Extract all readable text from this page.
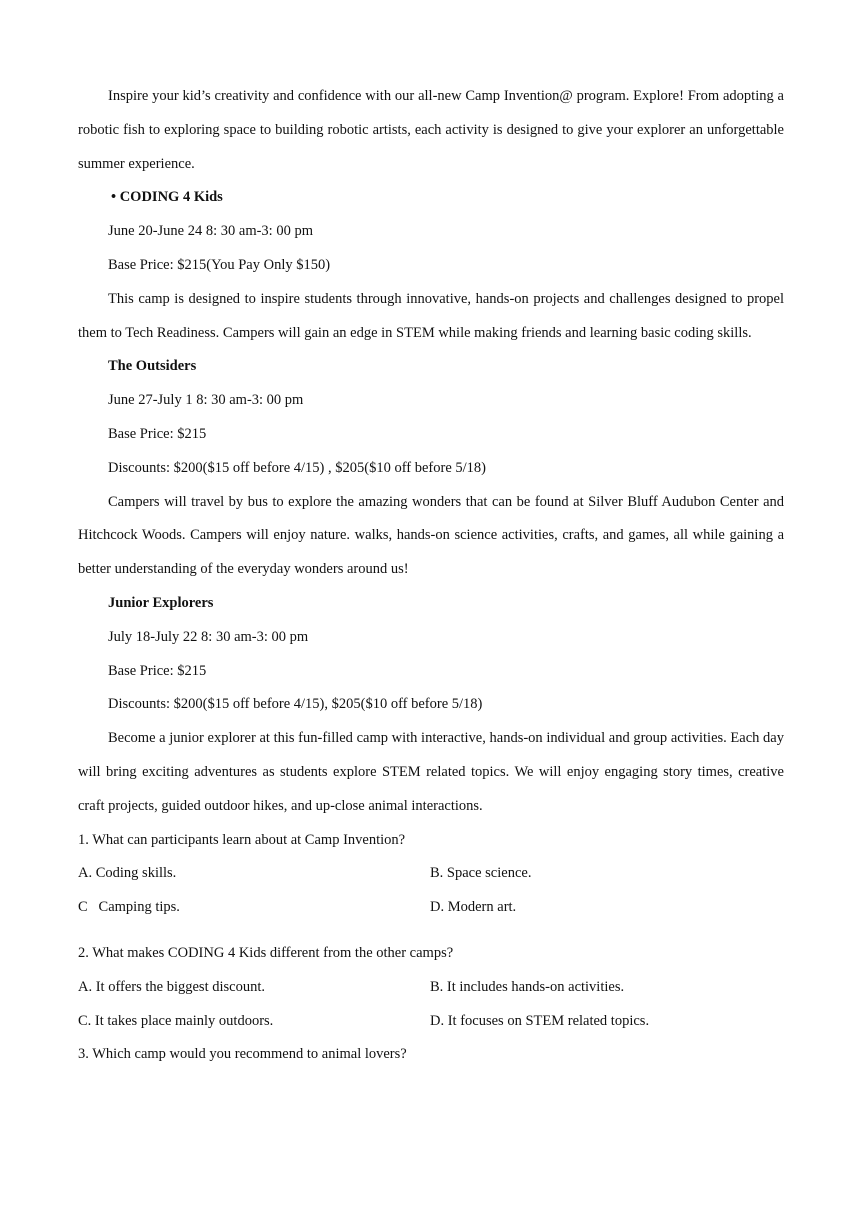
Inspire your kid’s creativity and confidence with our all-new Camp Invention@ program. Explore! From adopting a robotic fish to exploring space to building robotic artists, each activity is designed to give your explorer an unforgettable summer experience.

• CODING 4 Kids

June 20-June 24 8: 30 am-3: 00 pm

Base Price: $215(You Pay Only $150)

This camp is designed to inspire students through innovative, hands-on projects and challenges designed to propel them to Tech Readiness. Campers will gain an edge in STEM while making friends and learning basic coding skills.

The Outsiders

June 27-July 1 8: 30 am-3: 00 pm

Base Price: $215

Discounts: $200($15 off before 4/15) , $205($10 off before 5/18)

Campers will travel by bus to explore the amazing wonders that can be found at Silver Bluff Audubon Center and Hitchcock Woods. Campers will enjoy nature. walks, hands-on science activities, crafts, and games, all while gaining a better understanding of the everyday wonders around us!

Junior Explorers

July 18-July 22 8: 30 am-3: 00 pm

Base Price: $215

Discounts: $200($15 off before 4/15), $205($10 off before 5/18)

Become a junior explorer at this fun-filled camp with interactive, hands-on individual and group activities. Each day will bring exciting adventures as students explore STEM related topics. We will enjoy engaging story times, creative craft projects, guided outdoor hikes, and up-close animal interactions.

1. What can participants learn about at Camp Invention?

A. Coding skills.	B. Space science.
C   Camping tips.	D. Modern art.

2. What makes CODING 4 Kids different from the other camps?

A. It offers the biggest discount.	B. It includes hands-on activities.
C. It takes place mainly outdoors.	D. It focuses on STEM related topics.

3. Which camp would you recommend to animal lovers?
